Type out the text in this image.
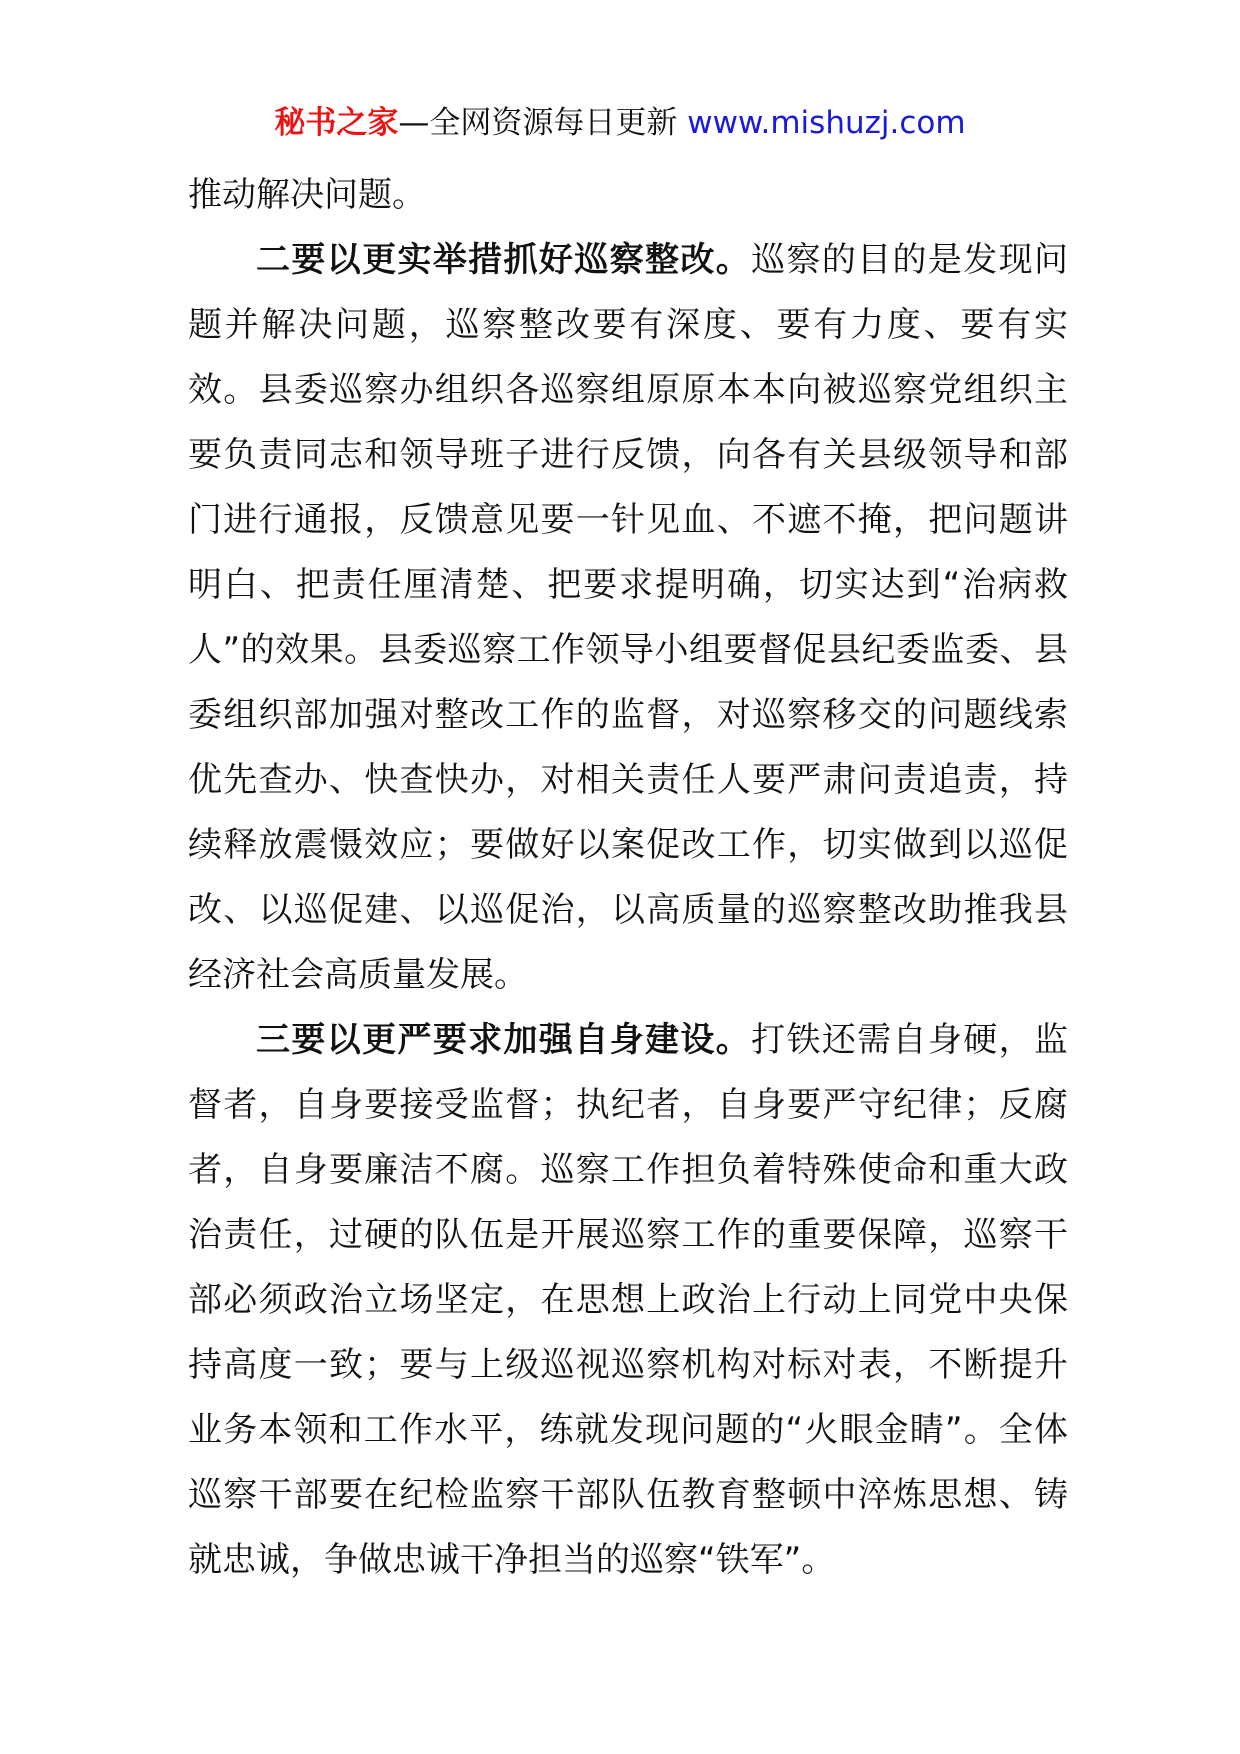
秘书之家—全网资源每日更新 www.mishuzj.com

推动解决问题。

二要以更实举措抓好巡察整改。巡察的目的是发现问题并解决问题，巡察整改要有深度、要有力度、要有实效。县委巡察办组织各巡察组原原本本向被巡察党组织主要负责同志和领导班子进行反馈，向各有关县级领导和部门进行通报，反馈意见要一针见血、不遮不掩，把问题讲明白、把责任厘清楚、把要求提明确，切实达到“治病救人”的效果。县委巡察工作领导小组要督促县纪委监委、县委组织部加强对整改工作的监督，对巡察移交的问题线索优先查办、快查快办，对相关责任人要严肃问责追责，持续释放震慑效应；要做好以案促改工作，切实做到以巡促改、以巡促建、以巡促治，以高质量的巡察整改助推我县经济社会高质量发展。

三要以更严要求加强自身建设。打铁还需自身硬，监督者，自身要接受监督；执纪者，自身要严守纪律；反腐者，自身要廉洁不腐。巡察工作担负着特殊使命和重大政治责任，过硬的队伍是开展巡察工作的重要保障，巡察干部必须政治立场坚定，在思想上政治上行动上同党中央保持高度一致；要与上级巡视巡察机构对标对表，不断提升业务本领和工作水平，练就发现问题的“火眼金睛”。全体巡察干部要在纪检监察干部队伍教育整顿中淬炼思想、铸就忠诚，争做忠诚干净担当的巡察“铁军”。
